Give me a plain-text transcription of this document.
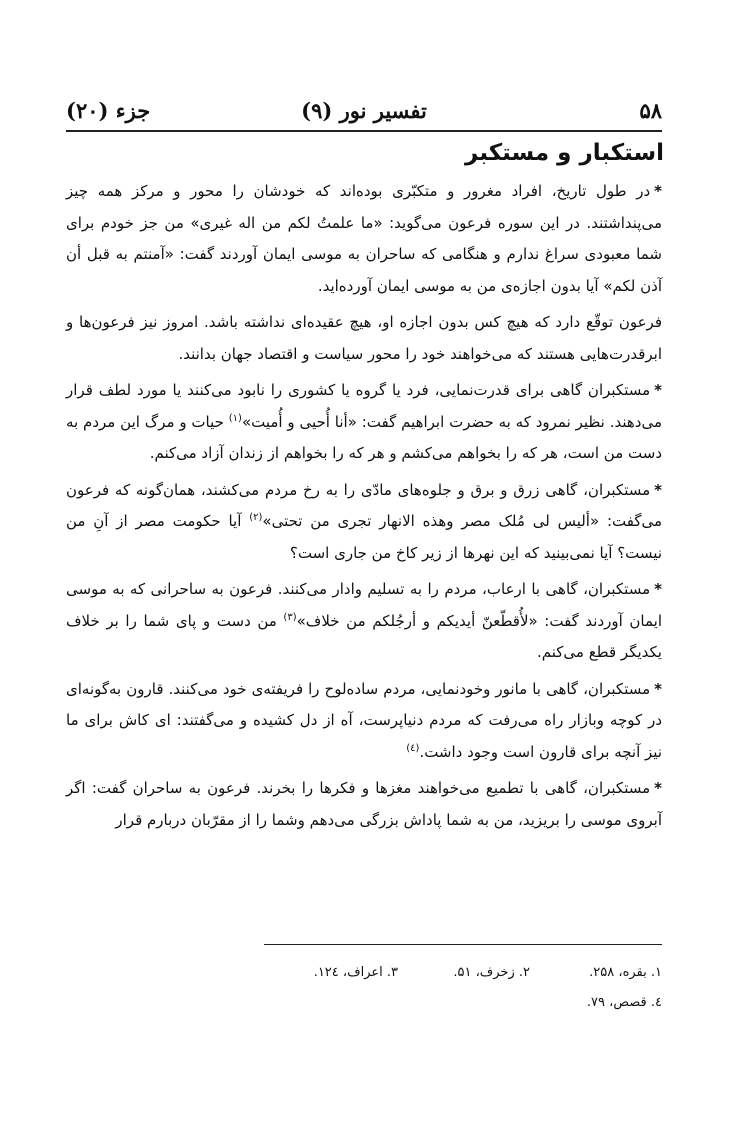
۵۸
تفسیر نور (۹)
جزء (۲۰)
استکبار و مستکبر

*در طول تاریخ، افراد مغرور و متکبّری بوده‌اند که خودشان را محور و مرکز همه چیز می‌پنداشتند. در این سوره فرعون می‌گوید: «ما علمتُ لکم من اله غیری» من جز خودم برای شما معبودی سراغ ندارم و هنگامی که ساحران به موسی ایمان آوردند گفت: «آمنتم به قبل أن آذن لکم» آیا بدون اجازه‌ی من به موسی ایمان آورده‌اید.

فرعون توقّع دارد که هیچ کس بدون اجازه او، هیچ عقیده‌ای نداشته باشد. امروز نیز فرعون‌ها و ابرقدرت‌هایی هستند که می‌خواهند خود را محور سیاست و اقتصاد جهان بدانند.

*مستکبران گاهی برای قدرت‌نمایی، فرد یا گروه یا کشوری را نابود می‌کنند یا مورد لطف قرار می‌دهند. نظیر نمرود که به حضرت ابراهیم گفت: «أنا أُحیی و أُمیت»$^{(۱)}$ حیات و مرگ این مردم به دست من است، هر که را بخواهم می‌کشم و هر که را بخواهم از زندان آزاد می‌کنم.

*مستکبران، گاهی زرق و برق و جلوه‌های مادّی را به رخ مردم می‌کشند، همان‌گونه که فرعون می‌گفت: «ألیس لی مُلک مصر وهذه الانهار تجری من تحتی»$^{(۲)}$ آیا حکومت مصر از آنِ من نیست؟ آیا نمی‌بینید که این نهرها از زیر کاخ من جاری است؟

*مستکبران، گاهی با ارعاب، مردم را به تسلیم وادار می‌کنند. فرعون به ساحرانی که به موسی ایمان آوردند گفت: «لأُقطّعنّ أیدیکم و أرجُلکم من خلاف»$^{(۳)}$ من دست و پای شما را بر خلاف یکدیگر قطع می‌کنم.

*مستکبران، گاهی با مانور وخودنمایی، مردم ساده‌لوح را فریفته‌ی خود می‌کنند. قارون به‌گونه‌ای در کوچه وبازار راه می‌رفت که مردم دنیاپرست، آه از دل کشیده و می‌گفتند: ای کاش برای ما نیز آنچه برای قارون است وجود داشت.$^{(٤)}$

*مستکبران، گاهی با تطمیع می‌خواهند مغزها و فکرها را بخرند. فرعون به ساحران گفت: اگر آبروی موسی را بریزید، من به شما پاداش بزرگی می‌دهم وشما را از مقرّبان دربارم قرار

۱. بقره، ۲۵۸.
۲. زخرف، ۵۱.
۳. اعراف، ۱۲٤.
٤. قصص، ۷۹.
